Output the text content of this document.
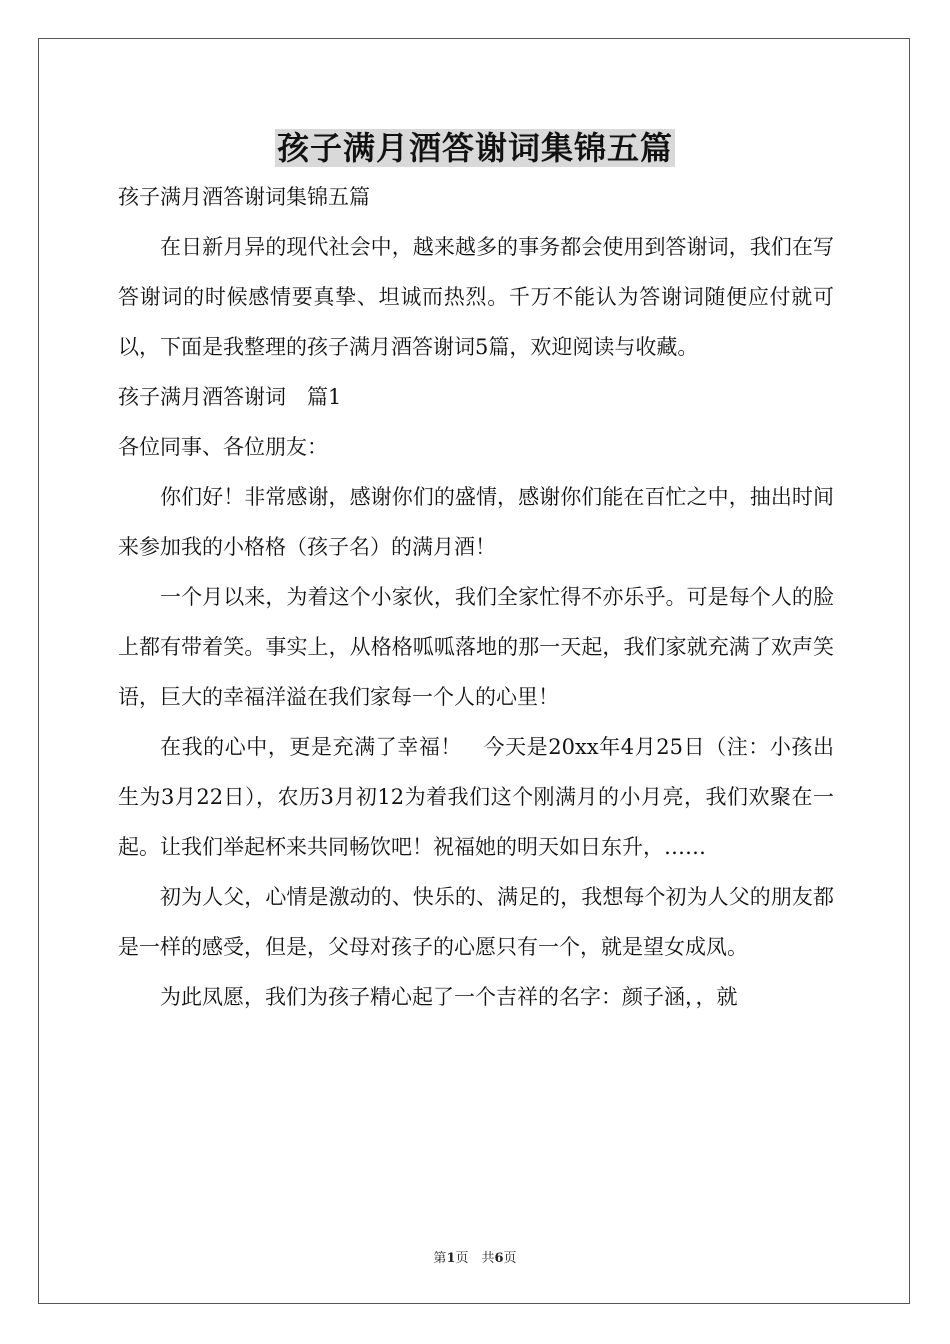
孩子满月酒答谢词集锦五篇

孩子满月酒答谢词集锦五篇

在日新月异的现代社会中，越来越多的事务都会使用到答谢词，我们在写答谢词的时候感情要真挚、坦诚而热烈。千万不能认为答谢词随便应付就可以，下面是我整理的孩子满月酒答谢词5篇，欢迎阅读与收藏。

孩子满月酒答谢词　篇1

各位同事、各位朋友：

你们好！非常感谢，感谢你们的盛情，感谢你们能在百忙之中，抽出时间来参加我的小格格（孩子名）的满月酒！

一个月以来，为着这个小家伙，我们全家忙得不亦乐乎。可是每个人的脸上都有带着笑。事实上，从格格呱呱落地的那一天起，我们家就充满了欢声笑语，巨大的幸福洋溢在我们家每一个人的心里！

在我的心中，更是充满了幸福！　今天是20xx年4月25日（注：小孩出生为3月22日），农历3月初12为着我们这个刚满月的小月亮，我们欢聚在一起。让我们举起杯来共同畅饮吧！祝福她的明天如日东升，……

初为人父，心情是激动的、快乐的、满足的，我想每个初为人父的朋友都是一样的感受，但是，父母对孩子的心愿只有一个，就是望女成凤。

为此凤愿，我们为孩子精心起了一个吉祥的名字：颜子涵，，就

第1页　共6页
